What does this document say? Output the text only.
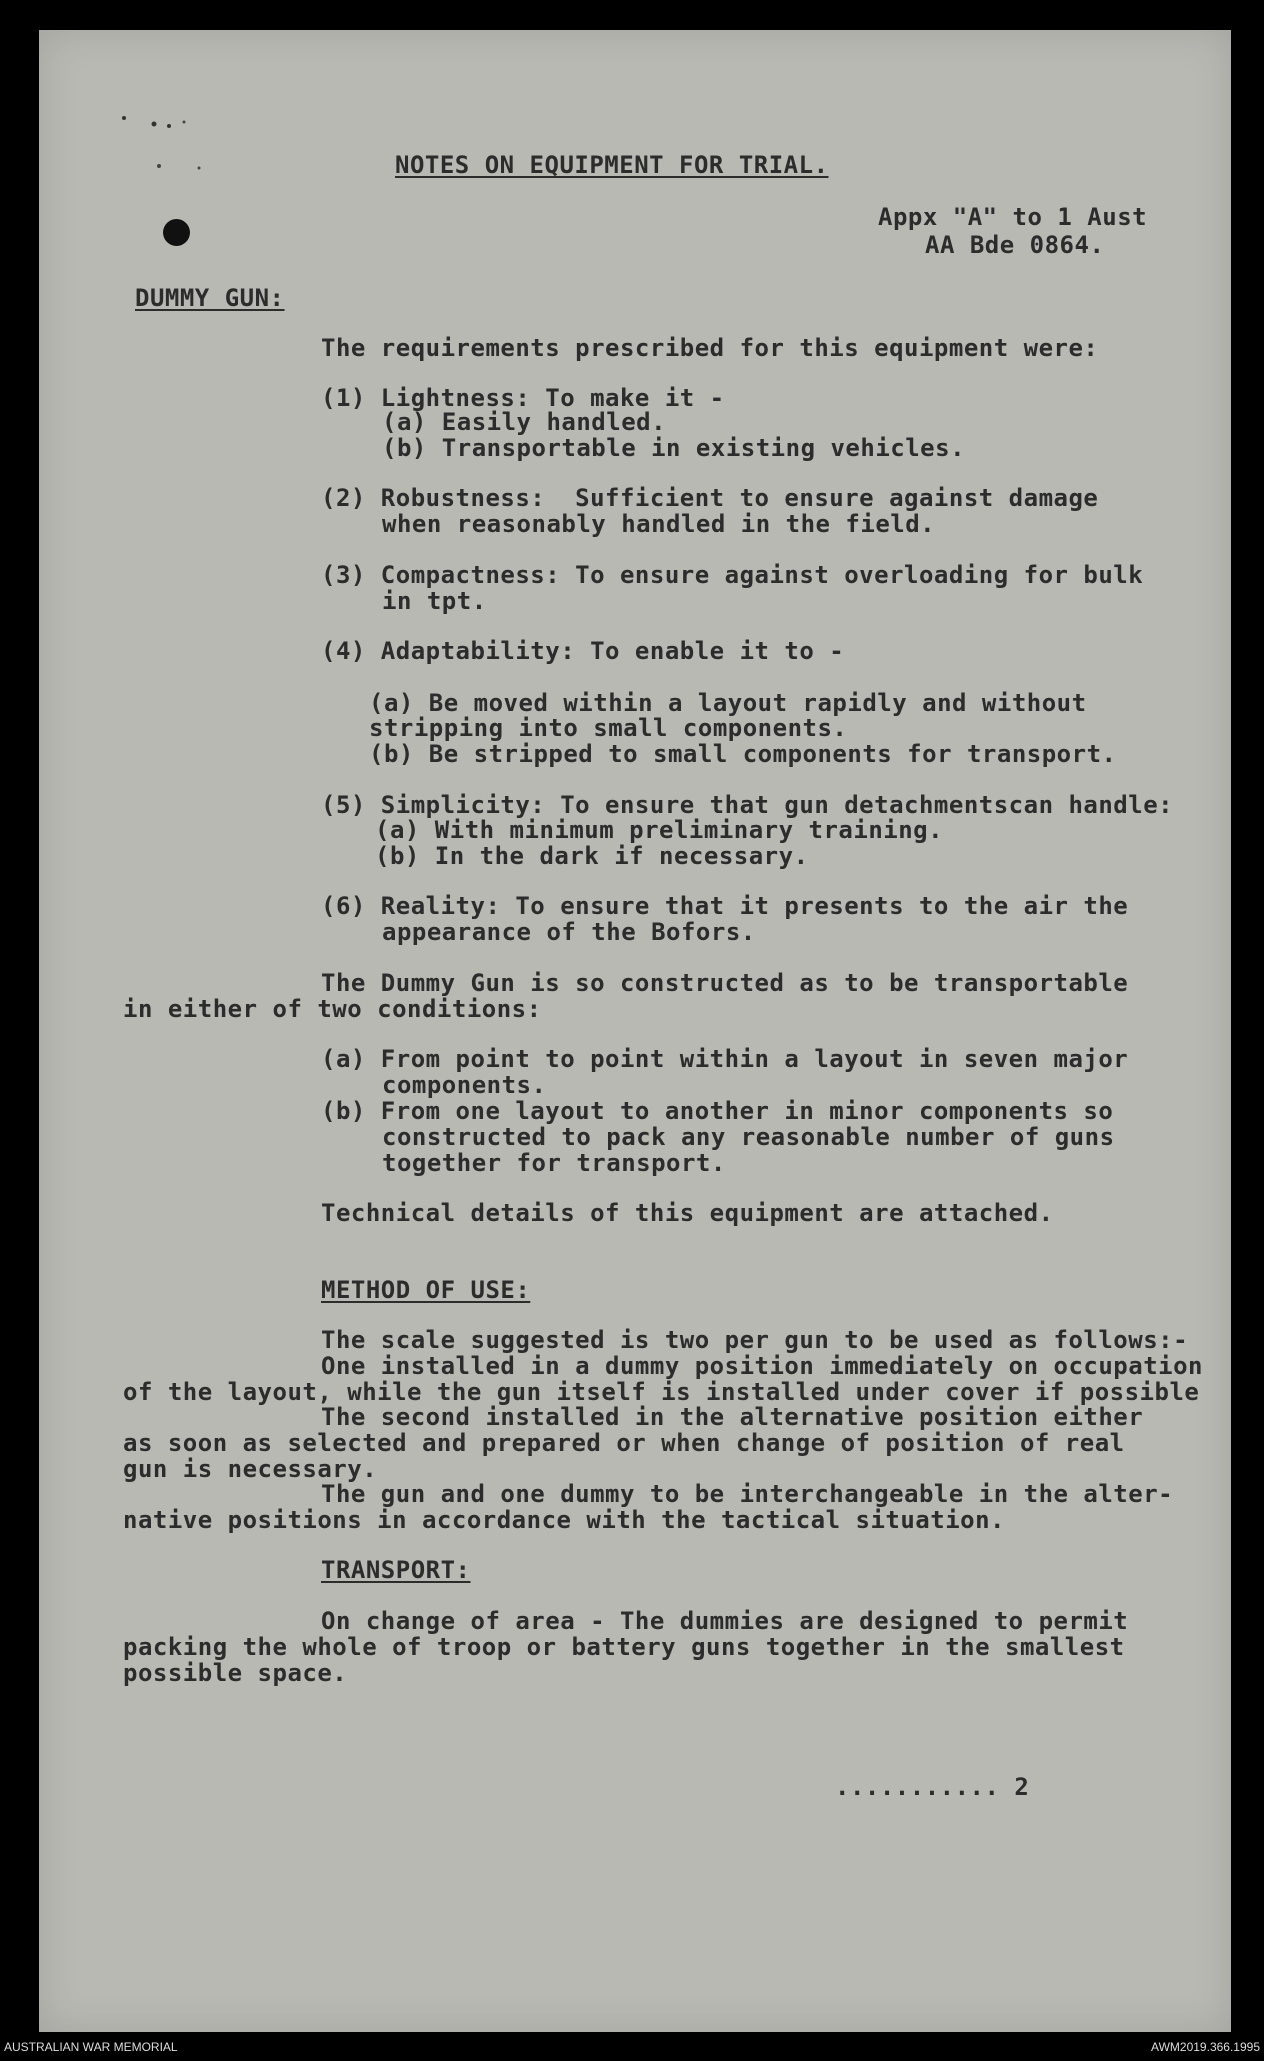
NOTES ON EQUIPMENT FOR TRIAL.
Appx "A" to 1 Aust
AA Bde 0864.
DUMMY GUN:
The requirements prescribed for this equipment were:
(1) Lightness: To make it -
(a) Easily handled.
(b) Transportable in existing vehicles.
(2) Robustness:  Sufficient to ensure against damage
when reasonably handled in the field.
(3) Compactness: To ensure against overloading for bulk
in tpt.
(4) Adaptability: To enable it to -
(a) Be moved within a layout rapidly and without
stripping into small components.
(b) Be stripped to small components for transport.
(5) Simplicity: To ensure that gun detachmentscan handle:
(a) With minimum preliminary training.
(b) In the dark if necessary.
(6) Reality: To ensure that it presents to the air the
appearance of the Bofors.
The Dummy Gun is so constructed as to be transportable
in either of two conditions:
(a) From point to point within a layout in seven major
components.
(b) From one layout to another in minor components so
constructed to pack any reasonable number of guns
together for transport.
Technical details of this equipment are attached.
METHOD OF USE:
The scale suggested is two per gun to be used as follows:-
One installed in a dummy position immediately on occupation
of the layout, while the gun itself is installed under cover if possible
The second installed in the alternative position either
as soon as selected and prepared or when change of position of real
gun is necessary.
The gun and one dummy to be interchangeable in the alter-
native positions in accordance with the tactical situation.
TRANSPORT:
On change of area - The dummies are designed to permit
packing the whole of troop or battery guns together in the smallest
possible space.
........... 2
AUSTRALIAN WAR MEMORIAL	AWM2019.366.1995
